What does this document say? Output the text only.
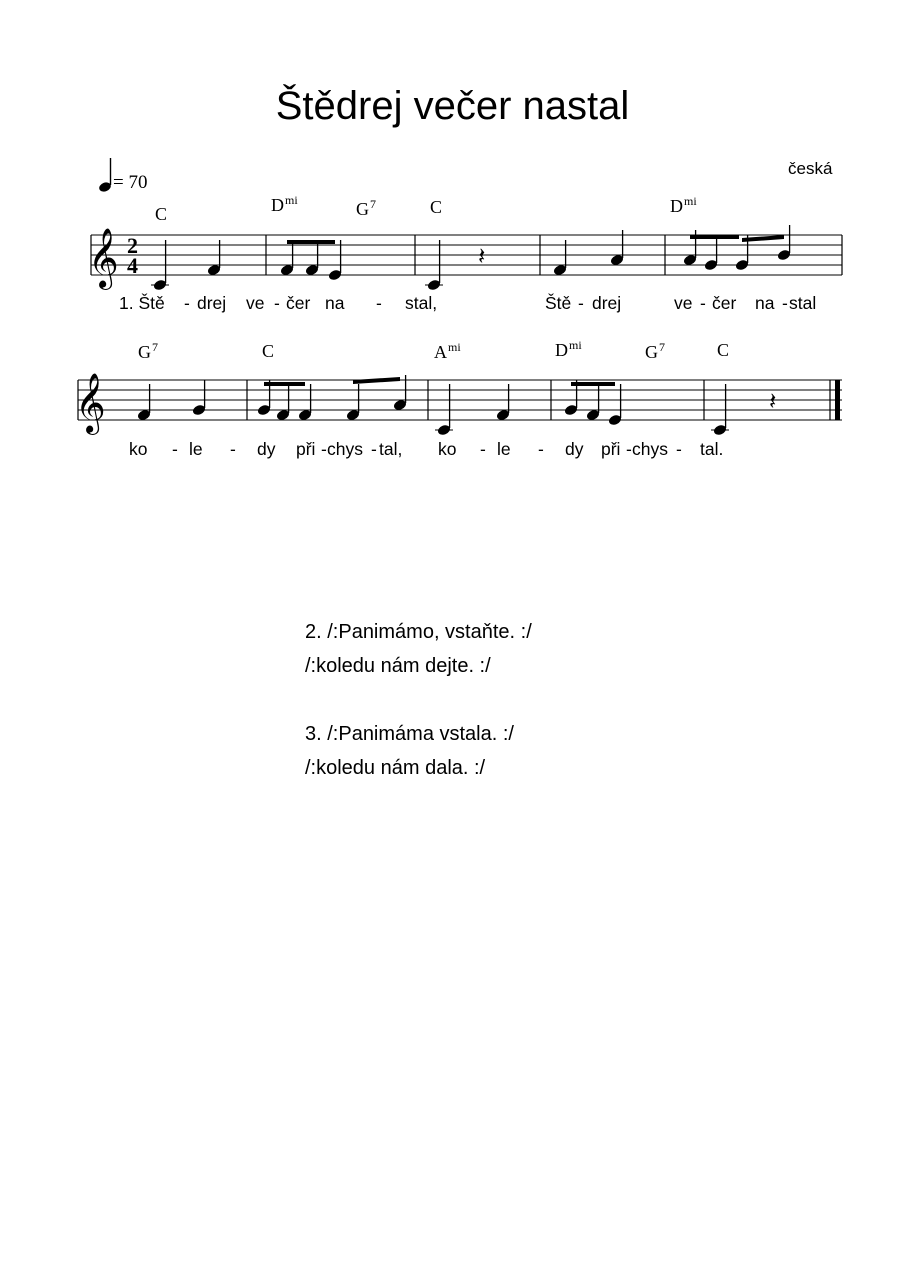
Štědrej večer nastal
česká
= 70
𝄞 2
4
𝄞
𝄽
𝄽
C	$D^{mi}$	$G^7$	C	$D^{mi}$
$G^7$	C	$A^{mi}$	$D^{mi}$	$G^7$	C
1. Ště - drej ve - čer na - stal,	Ště - drej	ve - čer na - stal
ko - le - dy při - chys - tal, ko - le - dy při - chys - tal.
2. /:Panimámo, vstaňte. :/
/:koledu nám dejte. :/
3. /:Panimáma vstala. :/
/:koledu nám dala. :/
